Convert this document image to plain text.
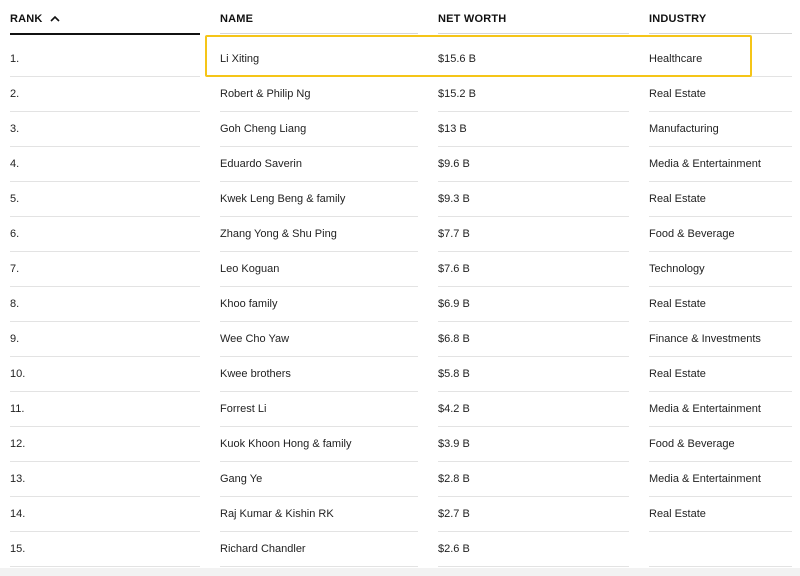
RANK	NAME	NET WORTH	INDUSTRY
1.	Li Xiting	$15.6 B	Healthcare
2.	Robert & Philip Ng	$15.2 B	Real Estate
3.	Goh Cheng Liang	$13 B	Manufacturing
4.	Eduardo Saverin	$9.6 B	Media & Entertainment
5.	Kwek Leng Beng & family	$9.3 B	Real Estate
6.	Zhang Yong & Shu Ping	$7.7 B	Food & Beverage
7.	Leo Koguan	$7.6 B	Technology
8.	Khoo family	$6.9 B	Real Estate
9.	Wee Cho Yaw	$6.8 B	Finance & Investments
10.	Kwee brothers	$5.8 B	Real Estate
11.	Forrest Li	$4.2 B	Media & Entertainment
12.	Kuok Khoon Hong & family	$3.9 B	Food & Beverage
13.	Gang Ye	$2.8 B	Media & Entertainment
14.	Raj Kumar & Kishin RK	$2.7 B	Real Estate
15.	Richard Chandler	$2.6 B
